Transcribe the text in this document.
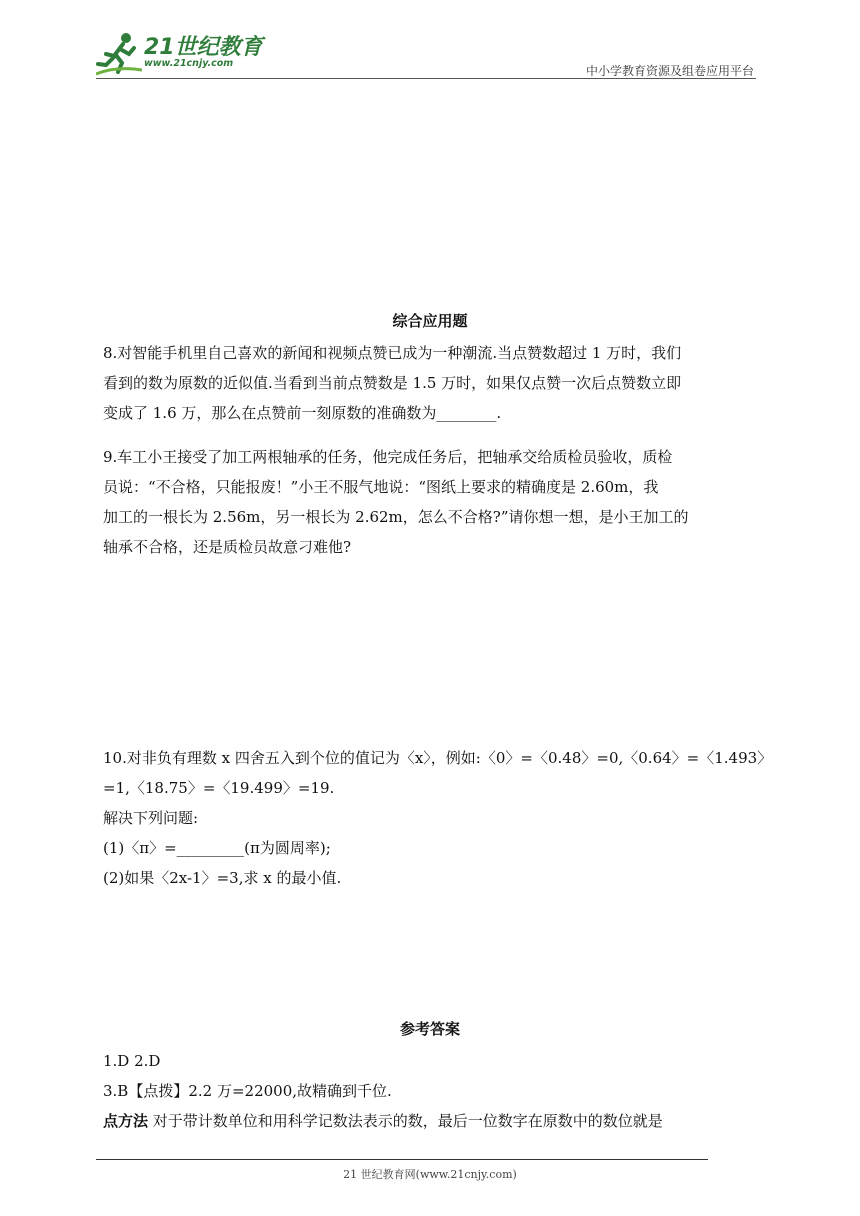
21世纪教育
www.21cnjy.com
中小学教育资源及组卷应用平台
综合应用题
8.对智能手机里自己喜欢的新闻和视频点赞已成为一种潮流.当点赞数超过 1 万时，我们
看到的数为原数的近似值.当看到当前点赞数是 1.5 万时，如果仅点赞一次后点赞数立即
变成了 1.6 万，那么在点赞前一刻原数的准确数为________.
9.车工小王接受了加工两根轴承的任务，他完成任务后，把轴承交给质检员验收，质检
员说：“不合格，只能报废！”小王不服气地说：“图纸上要求的精确度是 2.60m，我
加工的一根长为 2.56m，另一根长为 2.62m，怎么不合格?”请你想一想，是小王加工的
轴承不合格，还是质检员故意刁难他?
10.对非负有理数 x 四舍五入到个位的值记为〈x〉，例如:〈0〉=〈0.48〉=0,〈0.64〉=〈1.493〉
=1,〈18.75〉=〈19.499〉=19.
解决下列问题:
(1)〈π〉=_________(π为圆周率);
(2)如果〈2x-1〉=3,求 x 的最小值.
参考答案
1.D 2.D
3.B【点拨】2.2 万=22000,故精确到千位.
点方法 对于带计数单位和用科学记数法表示的数，最后一位数字在原数中的数位就是
21 世纪教育网(www.21cnjy.com)
